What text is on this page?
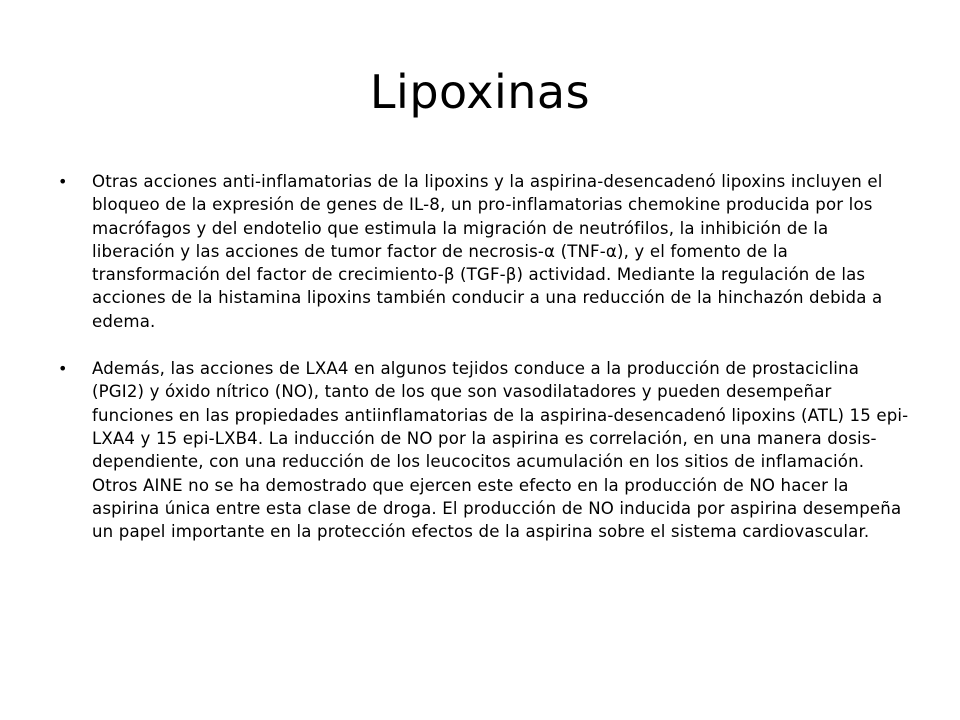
Lipoxinas
•	Otras acciones anti-inflamatorias de la lipoxins y la aspirina-desencadenó lipoxins incluyen el bloqueo de la expresión de genes de IL-8, un pro-inflamatorias chemokine producida por los macrófagos y del endotelio que estimula la migración de neutrófilos, la inhibición de la liberación y las acciones de tumor factor de necrosis-α (TNF-α), y el fomento de la transformación del factor de crecimiento-β (TGF-β) actividad. Mediante la regulación de las acciones de la histamina lipoxins también conducir a una reducción de la hinchazón debida a edema.
•	Además, las acciones de LXA4 en algunos tejidos conduce a la producción de prostaciclina (PGI2) y óxido nítrico (NO), tanto de los que son vasodilatadores y pueden desempeñar funciones en las propiedades antiinflamatorias de la aspirina-desencadenó lipoxins (ATL) 15 epi-LXA4 y 15 epi-LXB4. La inducción de NO por la aspirina es correlación, en una manera dosis-dependiente, con una reducción de los leucocitos acumulación en los sitios de inflamación. Otros AINE no se ha demostrado que ejercen este efecto en la producción de NO hacer la aspirina única entre esta clase de droga. El producción de NO inducida por aspirina desempeña un papel importante en la protección efectos de la aspirina sobre el sistema cardiovascular.
